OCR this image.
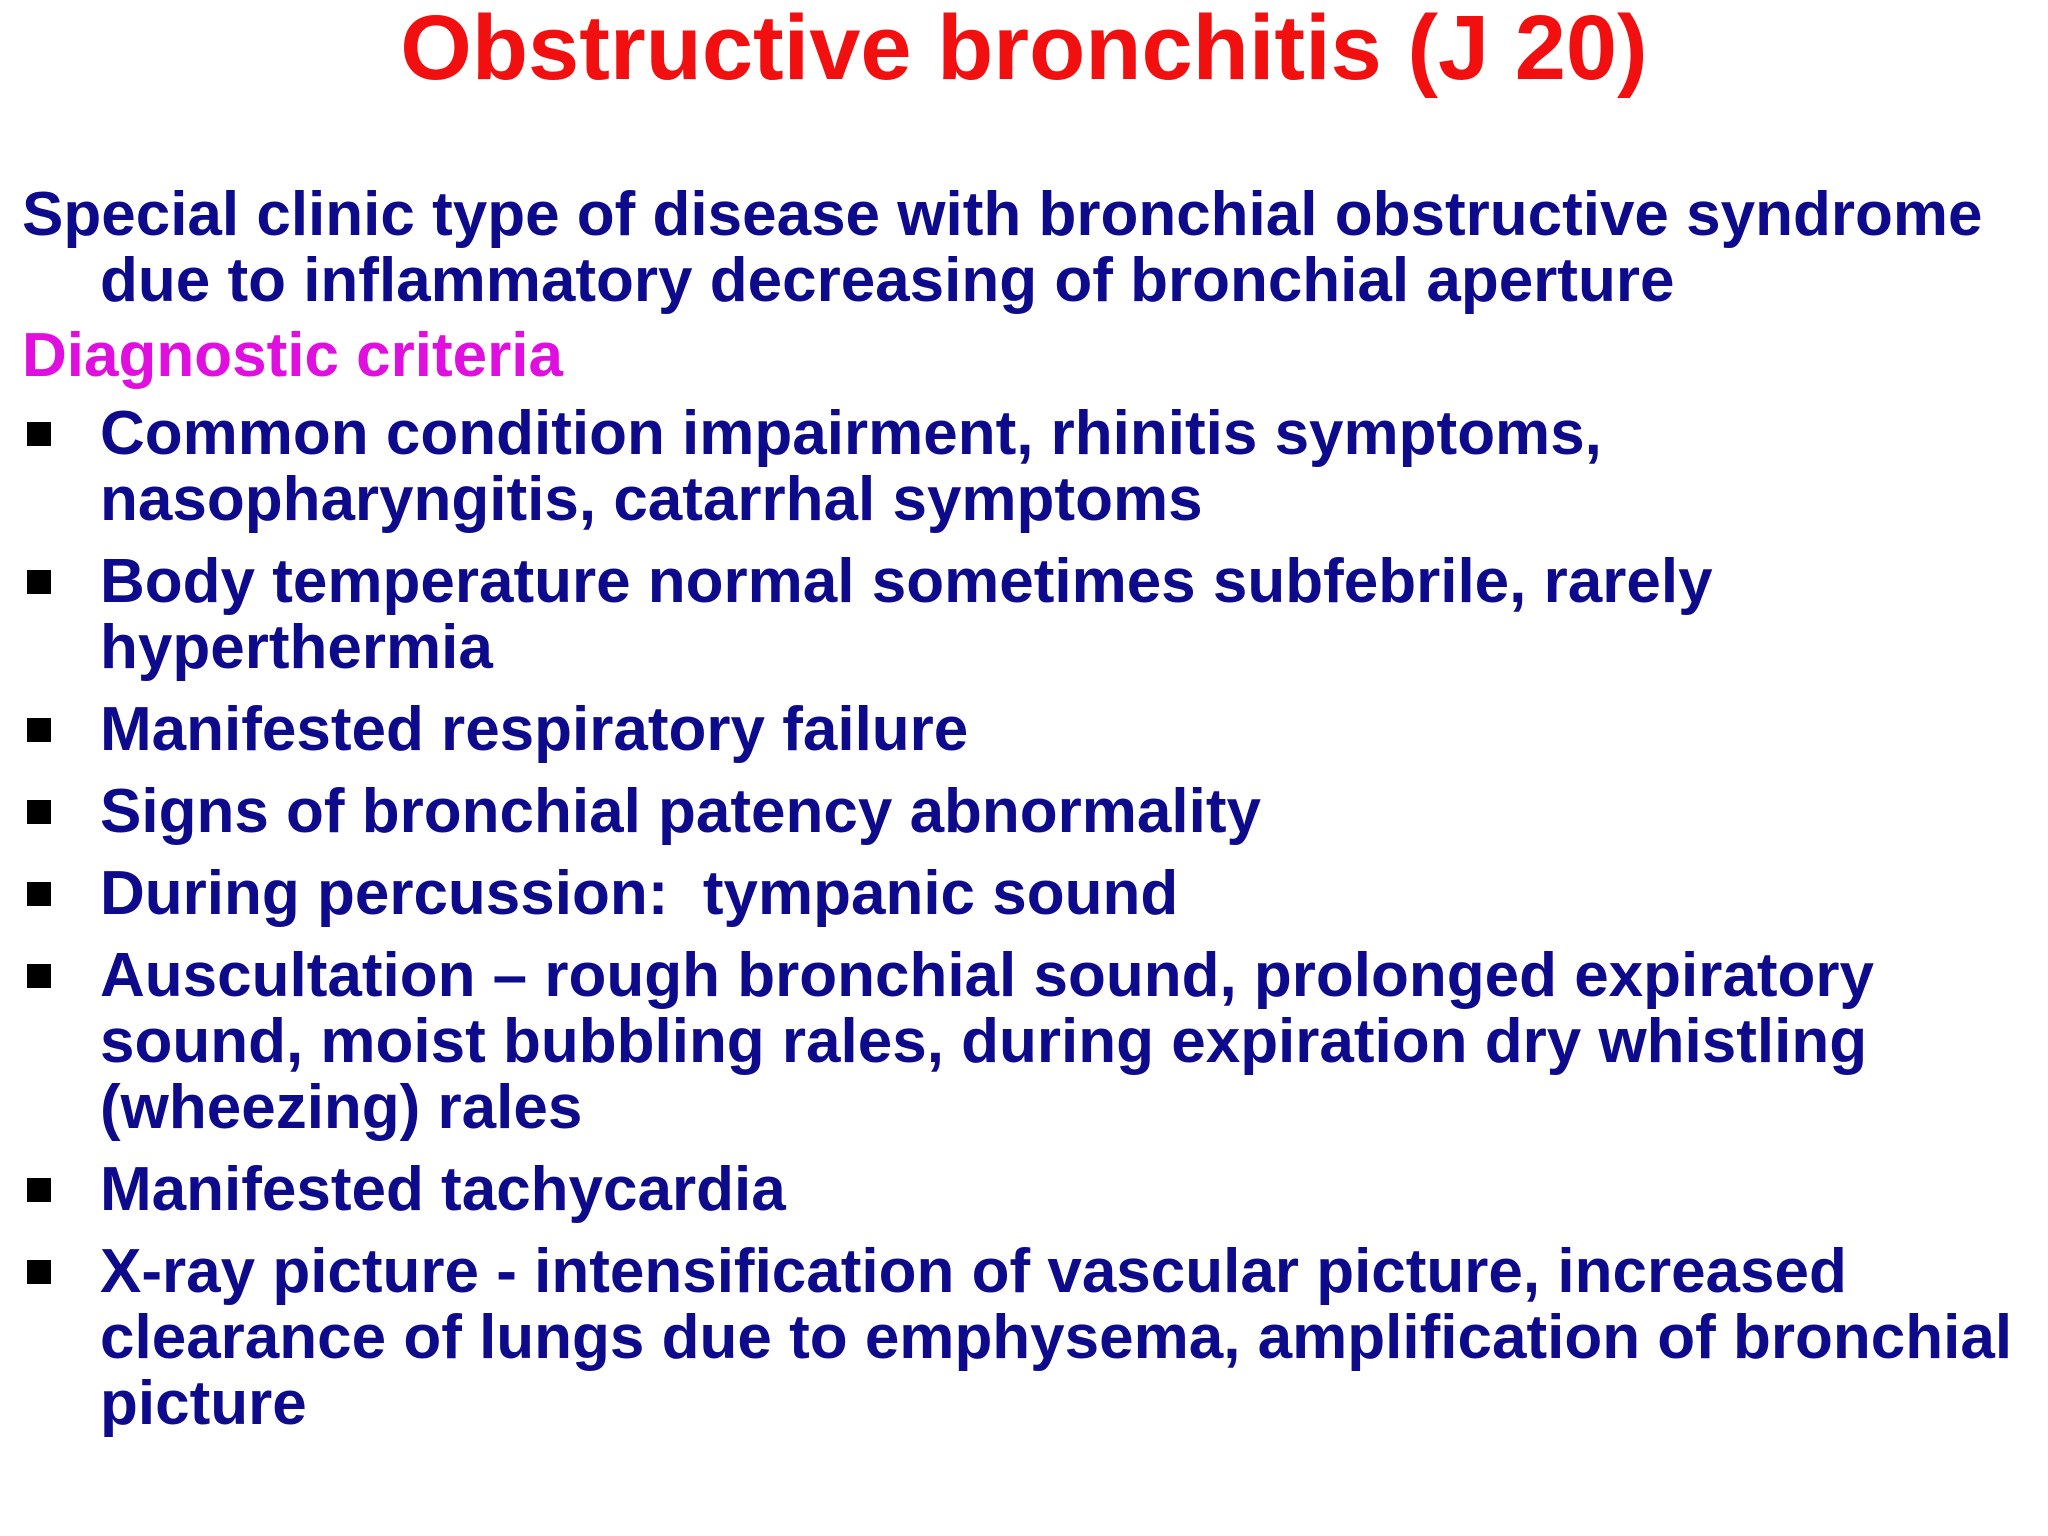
Obstructive bronchitis (J 20)
Special clinic type of disease with bronchial obstructive syndrome due to inflammatory decreasing of bronchial aperture
Diagnostic criteria
Common condition impairment, rhinitis symptoms, nasopharyngitis, catarrhal symptoms
Body temperature normal sometimes subfebrile, rarely hyperthermia
Manifested respiratory failure
Signs of bronchial patency abnormality
During percussion:  tympanic sound
Auscultation – rough bronchial sound, prolonged expiratory sound, moist bubbling rales, during expiration dry whistling (wheezing) rales
Manifested tachycardia
X-ray picture - intensification of vascular picture, increased clearance of lungs due to emphysema, amplification of bronchial picture
